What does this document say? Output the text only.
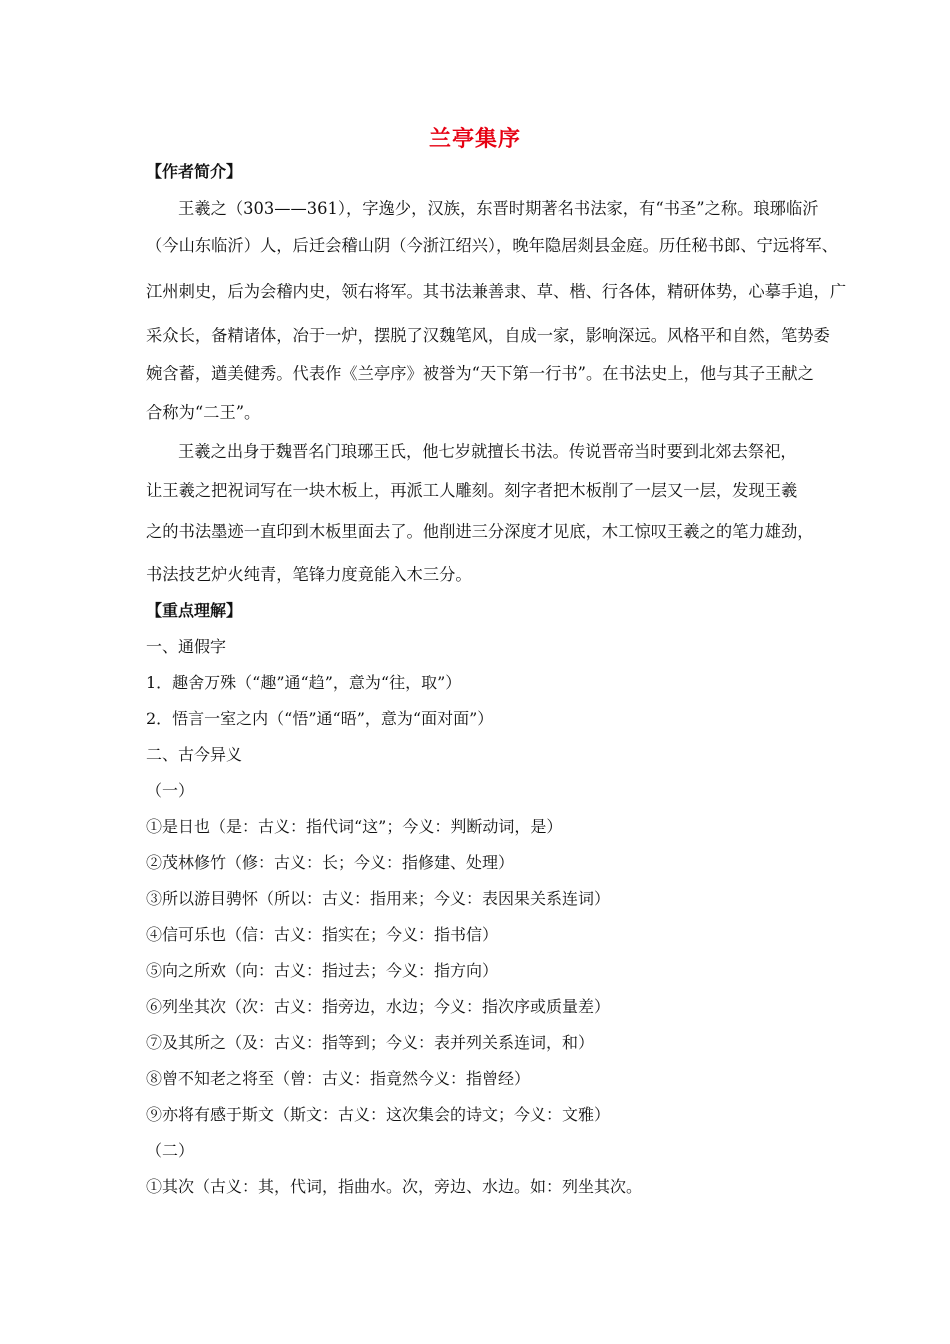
兰亭集序
【作者简介】
王羲之（303——361），字逸少，汉族，东晋时期著名书法家，有“书圣”之称。琅琊临沂
（今山东临沂）人，后迁会稽山阴（今浙江绍兴），晚年隐居剡县金庭。历任秘书郎、宁远将军、
江州刺史，后为会稽内史，领右将军。其书法兼善隶、草、楷、行各体，精研体势，心摹手追，广
采众长，备精诸体，冶于一炉，摆脱了汉魏笔风，自成一家，影响深远。风格平和自然，笔势委
婉含蓄，遒美健秀。代表作《兰亭序》被誉为“天下第一行书”。在书法史上，他与其子王献之
合称为“二王”。
王羲之出身于魏晋名门琅琊王氏，他七岁就擅长书法。传说晋帝当时要到北郊去祭祀，
让王羲之把祝词写在一块木板上，再派工人雕刻。刻字者把木板削了一层又一层，发现王羲
之的书法墨迹一直印到木板里面去了。他削进三分深度才见底，木工惊叹王羲之的笔力雄劲，
书法技艺炉火纯青，笔锋力度竟能入木三分。
【重点理解】
一、通假字
1．趣舍万殊（“趣”通“趋”，意为“往，取”）
2．悟言一室之内（“悟”通“晤”，意为“面对面”）
二、古今异义
（一）
①是日也（是：古义：指代词“这”；今义：判断动词，是）
②茂林修竹（修：古义：长；今义：指修建、处理）
③所以游目骋怀（所以：古义：指用来；今义：表因果关系连词）
④信可乐也（信：古义：指实在；今义：指书信）
⑤向之所欢（向：古义：指过去；今义：指方向）
⑥列坐其次（次：古义：指旁边，水边；今义：指次序或质量差）
⑦及其所之（及：古义：指等到；今义：表并列关系连词，和）
⑧曾不知老之将至（曾：古义：指竟然今义：指曾经）
⑨亦将有感于斯文（斯文：古义：这次集会的诗文；今义：文雅）
（二）
①其次（古义：其，代词，指曲水。次，旁边、水边。如：列坐其次。
